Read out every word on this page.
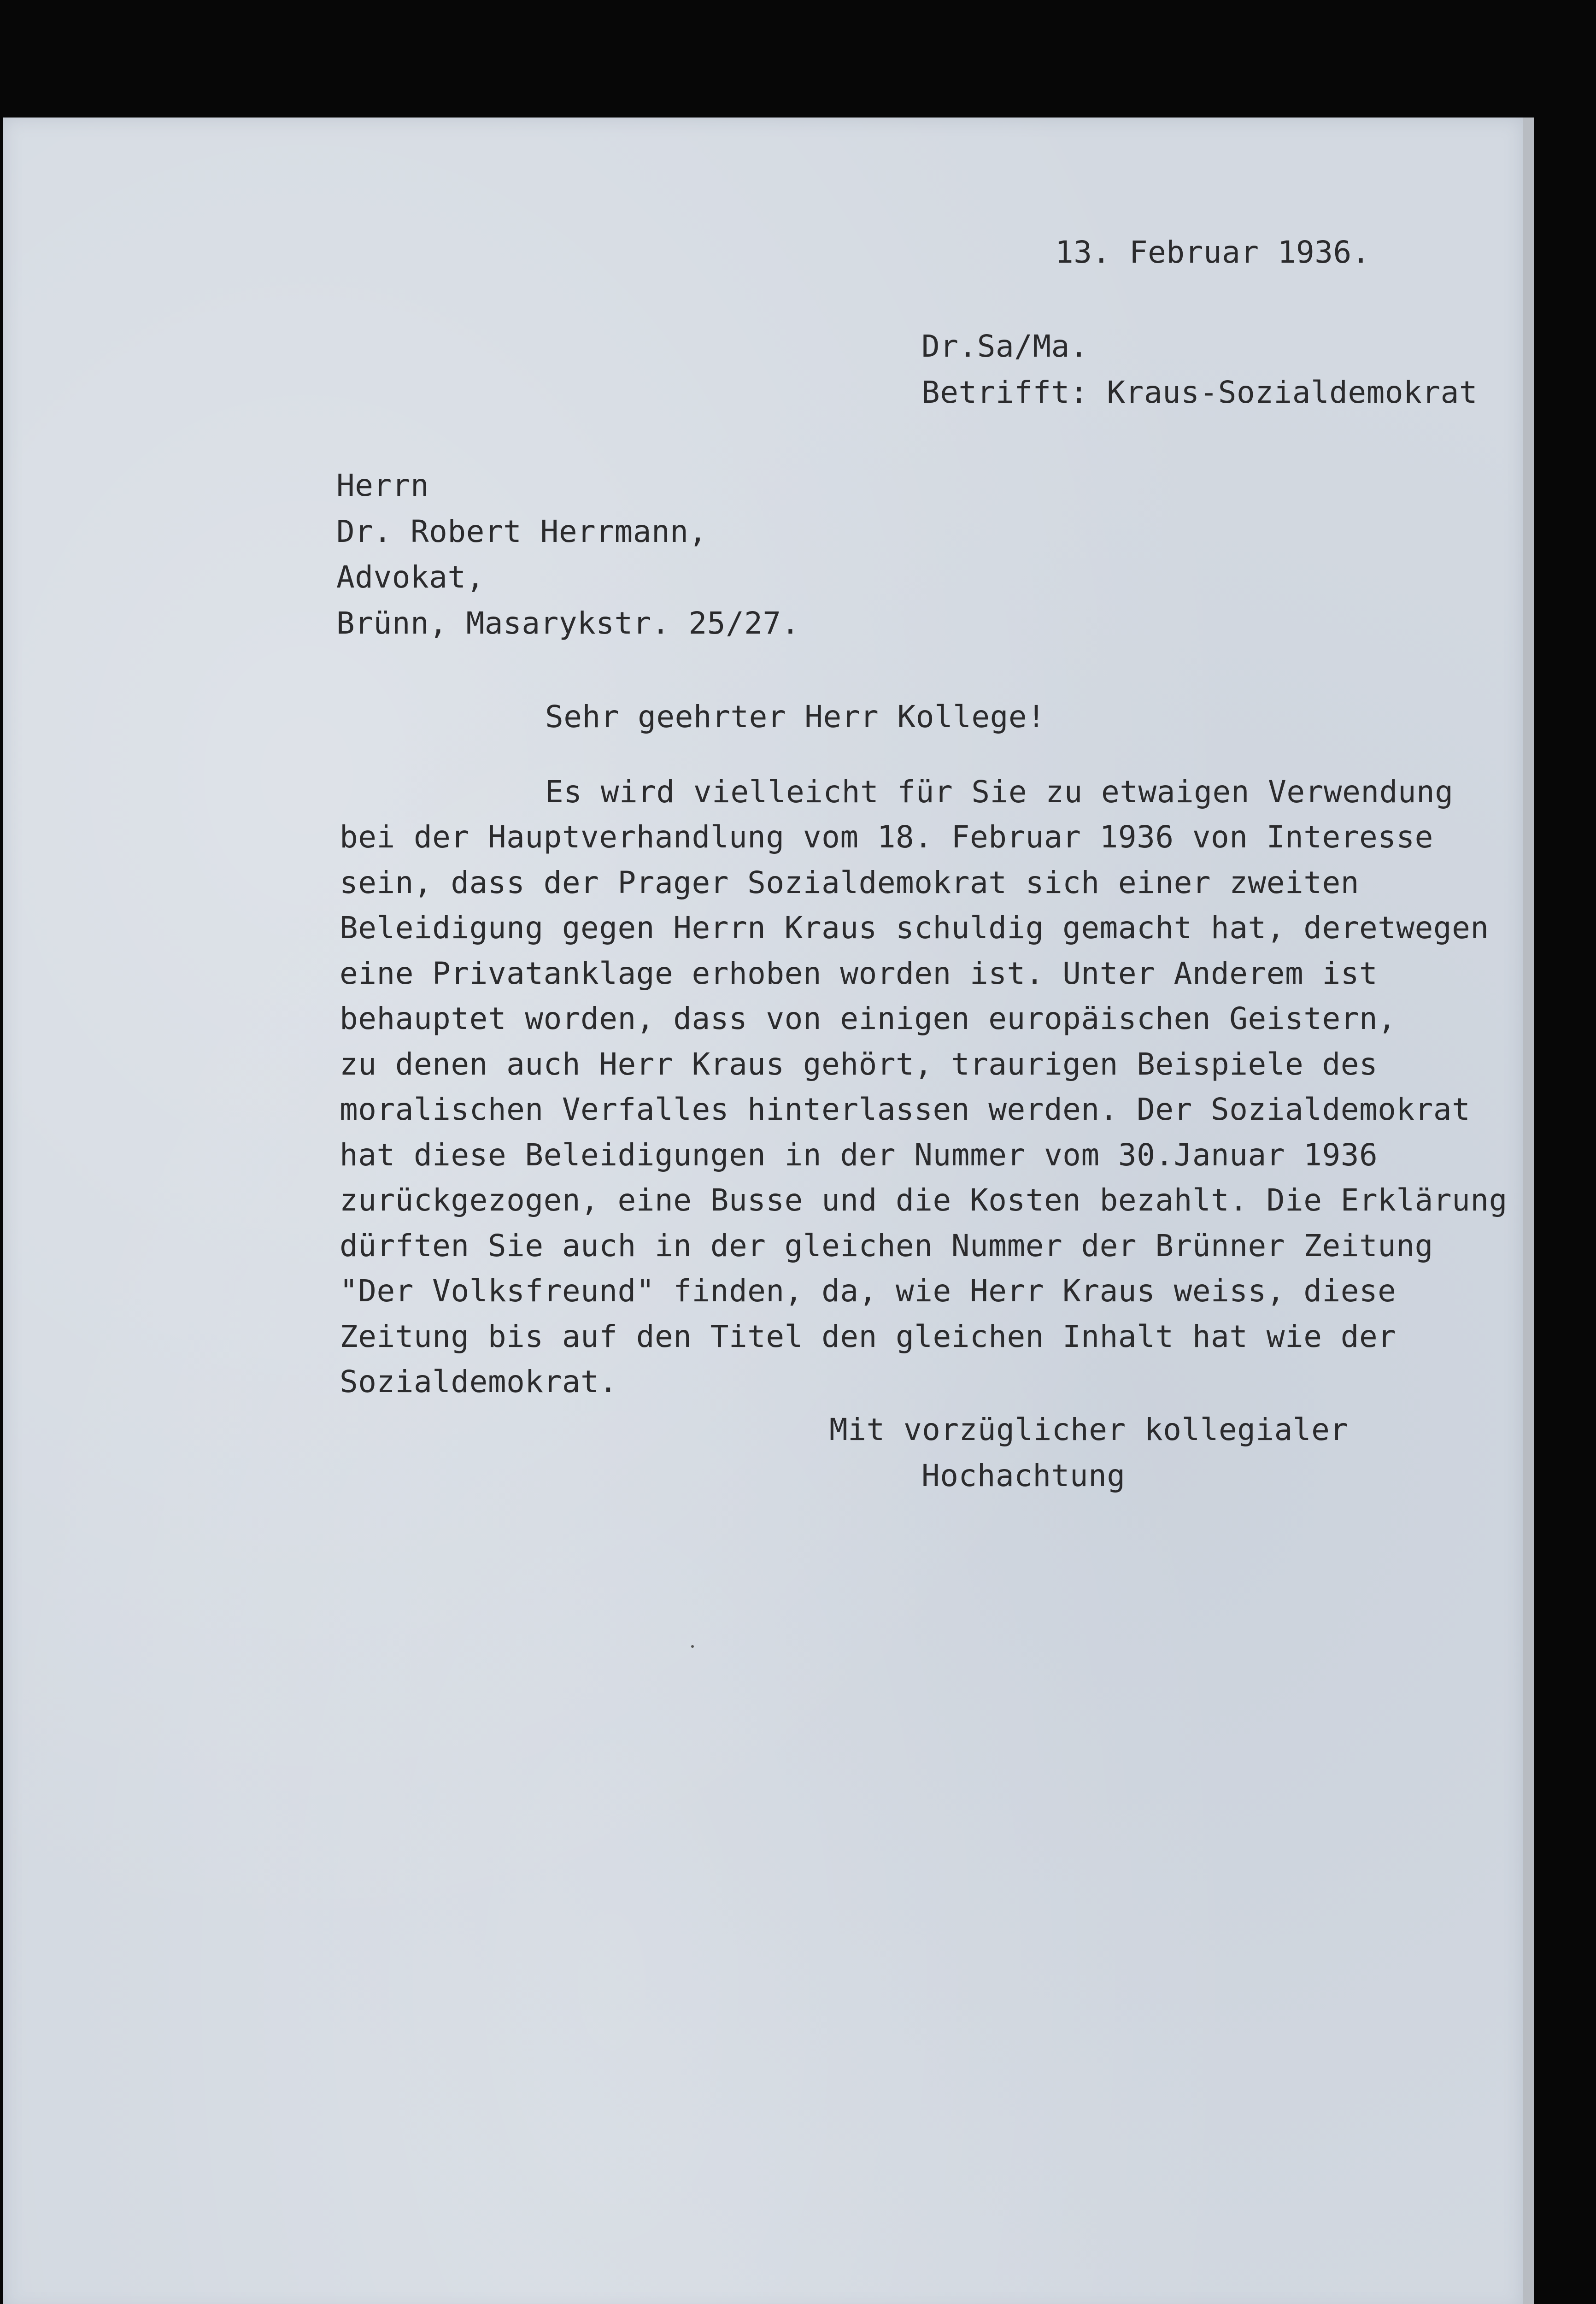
13. Februar 1936.

Dr.Sa/Ma.

Betrifft: Kraus-Sozialdemokrat

Herrn

Dr. Robert Herrmann,

Advokat,

Brünn, Masarykstr. 25/27.

Sehr geehrter Herr Kollege!

Es wird vielleicht für Sie zu etwaigen Verwendung

bei der Hauptverhandlung vom 18. Februar 1936 von Interesse

sein, dass der Prager Sozialdemokrat sich einer zweiten

Beleidigung gegen Herrn Kraus schuldig gemacht hat, deretwegen

eine Privatanklage erhoben worden ist. Unter Anderem ist

behauptet worden, dass von einigen europäischen Geistern,

zu denen auch Herr Kraus gehört, traurigen Beispiele des

moralischen Verfalles hinterlassen werden. Der Sozialdemokrat

hat diese Beleidigungen in der Nummer vom 30.Januar 1936

zurückgezogen, eine Busse und die Kosten bezahlt. Die Erklärung

dürften Sie auch in der gleichen Nummer der Brünner Zeitung

"Der Volksfreund" finden, da, wie Herr Kraus weiss, diese

Zeitung bis auf den Titel den gleichen Inhalt hat wie der

Sozialdemokrat.

Mit vorzüglicher kollegialer

Hochachtung
